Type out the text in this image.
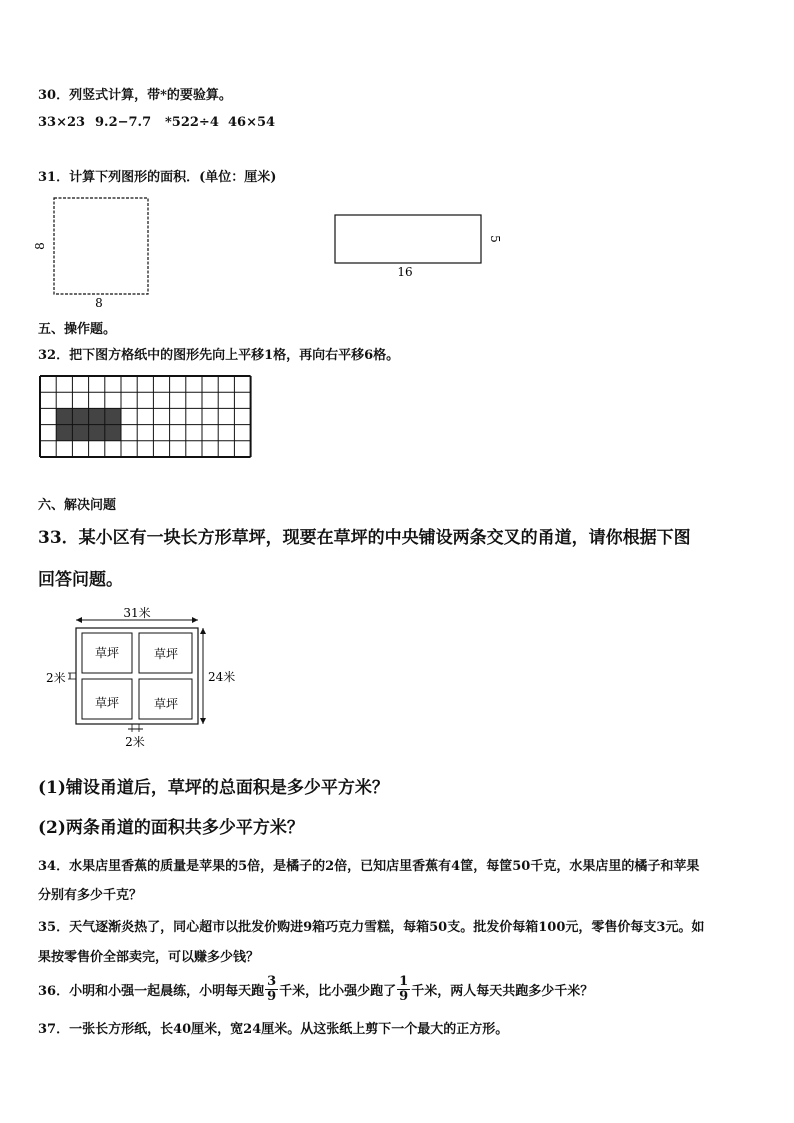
30．列竖式计算，带*的要验算。
33×23 9.2−7.7 *522÷4 46×54
31．计算下列图形的面积．(单位：厘米)
8
8
5
16
五、操作题。
32．把下图方格纸中的图形先向上平移1格，再向右平移6格。
六、解决问题
33．某小区有一块长方形草坪，现要在草坪的中央铺设两条交叉的甬道，请你根据下图
回答问题。
31米
24米
草坪	草坪
草坪	草坪
2米
2米
(1)铺设甬道后，草坪的总面积是多少平方米？
(2)两条甬道的面积共多少平方米？
34．水果店里香蕉的质量是苹果的5倍，是橘子的2倍，已知店里香蕉有4筐，每筐50千克，水果店里的橘子和苹果
分别有多少千克？
35．天气逐渐炎热了，同心超市以批发价购进9箱巧克力雪糕，每箱50支。批发价每箱100元，零售价每支3元。如
果按零售价全部卖完，可以赚多少钱？
36．小明和小强一起晨练，小明每天跑 $\frac{3}{9}$ 千米，比小强少跑了 $\frac{1}{9}$ 千米，两人每天共跑多少千米？
37．一张长方形纸，长40厘米，宽24厘米。从这张纸上剪下一个最大的正方形。
